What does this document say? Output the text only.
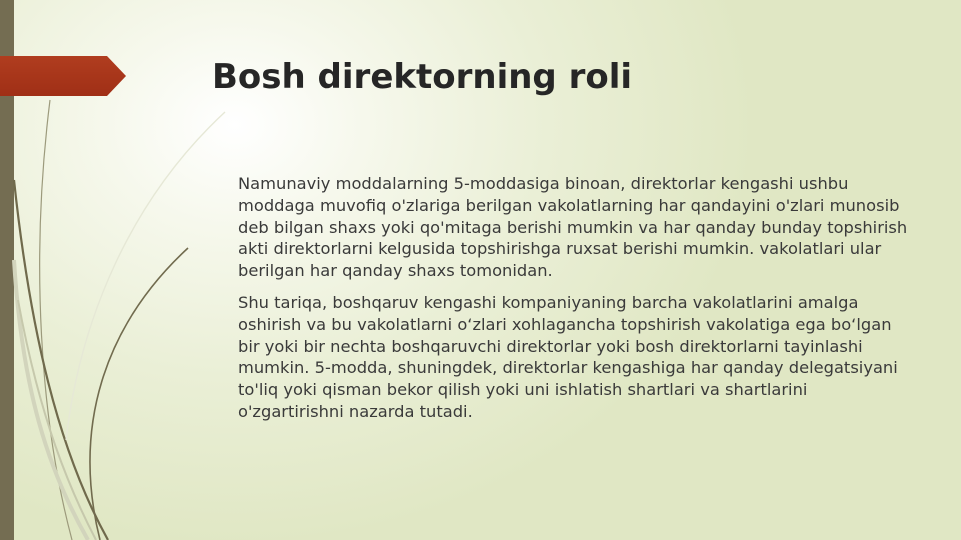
Bosh direktorning roli
Namunaviy moddalarning 5-moddasiga binoan, direktorlar kengashi ushbu moddaga muvofiq o'zlariga berilgan vakolatlarning har qandayini o'zlari munosib deb bilgan shaxs yoki qo'mitaga berishi mumkin va har qanday bunday topshirish akti direktorlarni kelgusida topshirishga ruxsat berishi mumkin. vakolatlari ular berilgan har qanday shaxs tomonidan.
Shu tariqa, boshqaruv kengashi kompaniyaning barcha vakolatlarini amalga oshirish va bu vakolatlarni o‘zlari xohlagancha topshirish vakolatiga ega bo‘lgan bir yoki bir nechta boshqaruvchi direktorlar yoki bosh direktorlarni tayinlashi mumkin. 5-modda, shuningdek, direktorlar kengashiga har qanday delegatsiyani to'liq yoki qisman bekor qilish yoki uni ishlatish shartlari va shartlarini o'zgartirishni nazarda tutadi.
